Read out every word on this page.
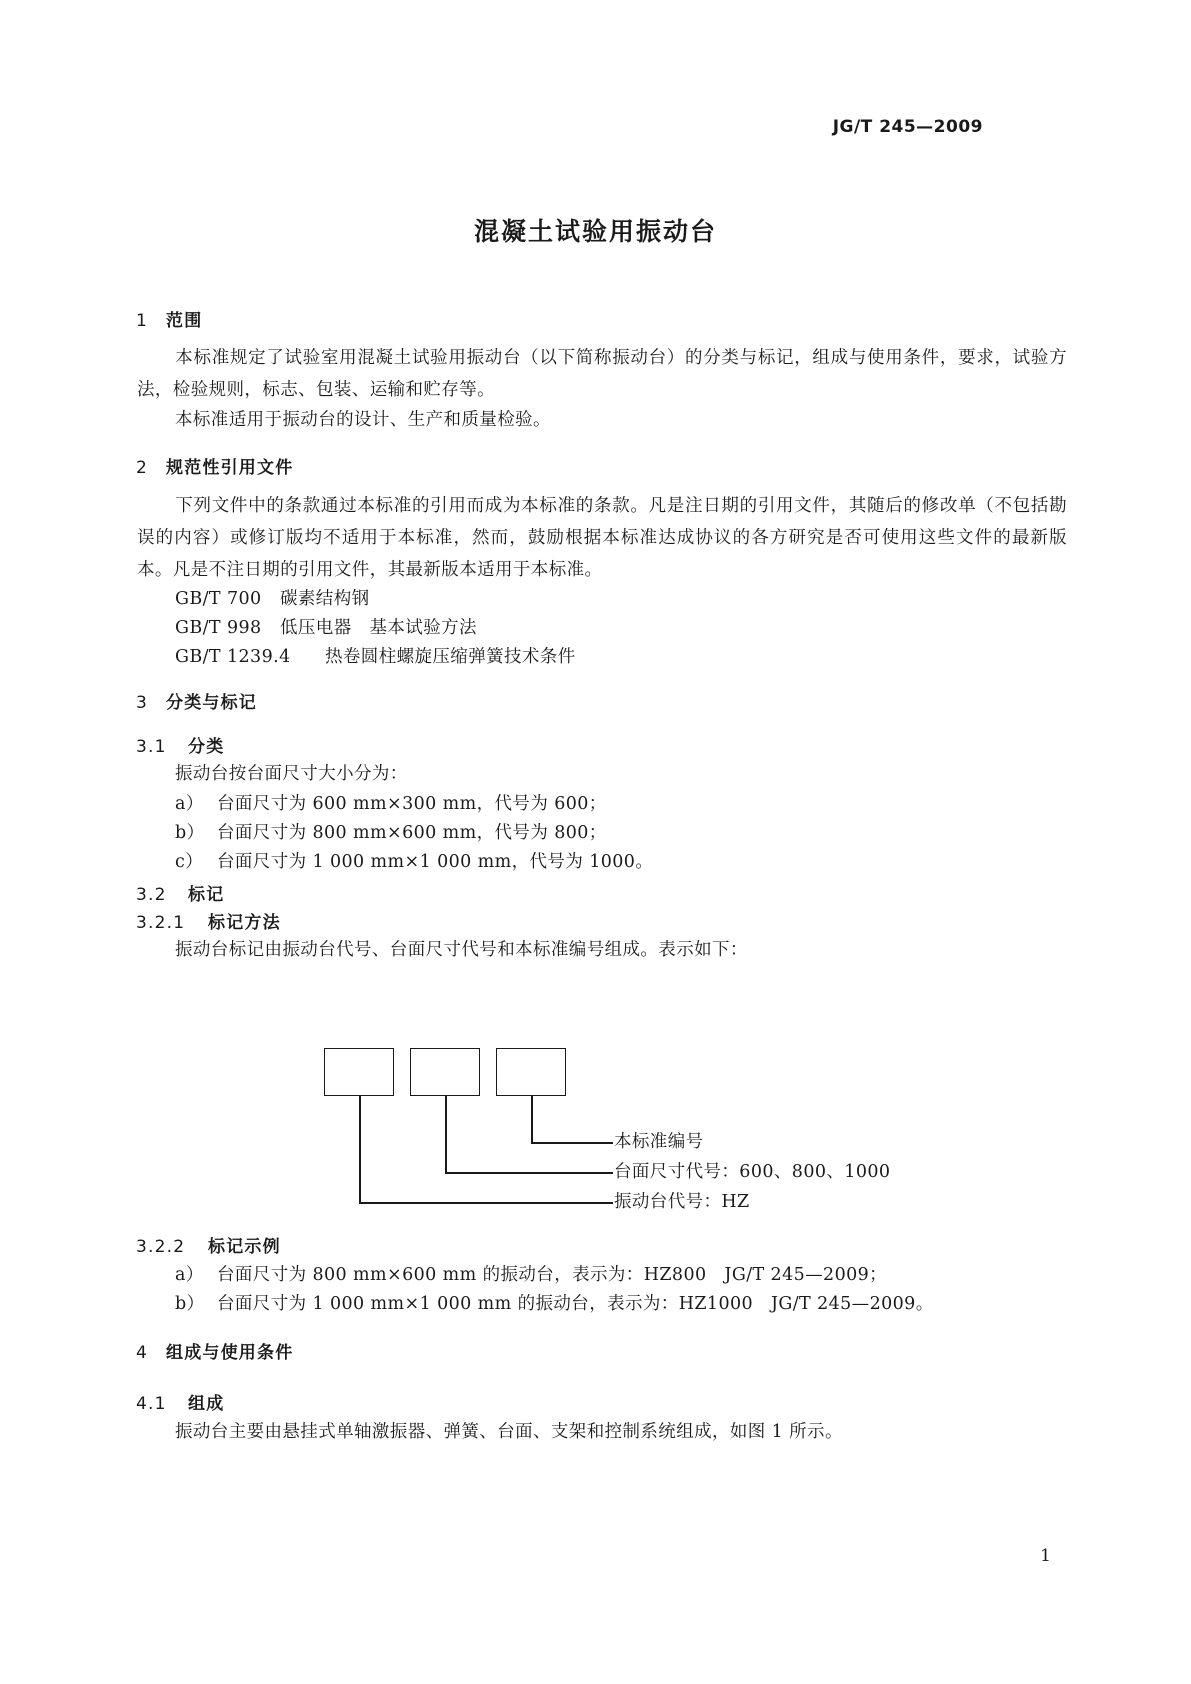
JG/T 245—2009
混凝土试验用振动台
1 范围
本标准规定了试验室用混凝土试验用振动台（以下简称振动台）的分类与标记，组成与使用条件，要求，试验方法，检验规则，标志、包装、运输和贮存等。
本标准适用于振动台的设计、生产和质量检验。
2 规范性引用文件
下列文件中的条款通过本标准的引用而成为本标准的条款。凡是注日期的引用文件，其随后的修改单（不包括勘误的内容）或修订版均不适用于本标准，然而，鼓励根据本标准达成协议的各方研究是否可使用这些文件的最新版本。凡是不注日期的引用文件，其最新版本适用于本标准。
GB/T 700 碳素结构钢
GB/T 998 低压电器　基本试验方法
GB/T 1239.4 热卷圆柱螺旋压缩弹簧技术条件
3 分类与标记
3.1 分类
振动台按台面尺寸大小分为：
a） 台面尺寸为 600 mm×300 mm，代号为 600；
b） 台面尺寸为 800 mm×600 mm，代号为 800；
c） 台面尺寸为 1 000 mm×1 000 mm，代号为 1000。
3.2 标记
3.2.1 标记方法
振动台标记由振动台代号、台面尺寸代号和本标准编号组成。表示如下：
本标准编号
台面尺寸代号：600、800、1000
振动台代号：HZ
3.2.2 标记示例
a） 台面尺寸为 800 mm×600 mm 的振动台，表示为：HZ800　JG/T 245—2009；
b） 台面尺寸为 1 000 mm×1 000 mm 的振动台，表示为：HZ1000　JG/T 245—2009。
4 组成与使用条件
4.1 组成
振动台主要由悬挂式单轴激振器、弹簧、台面、支架和控制系统组成，如图 1 所示。
1
